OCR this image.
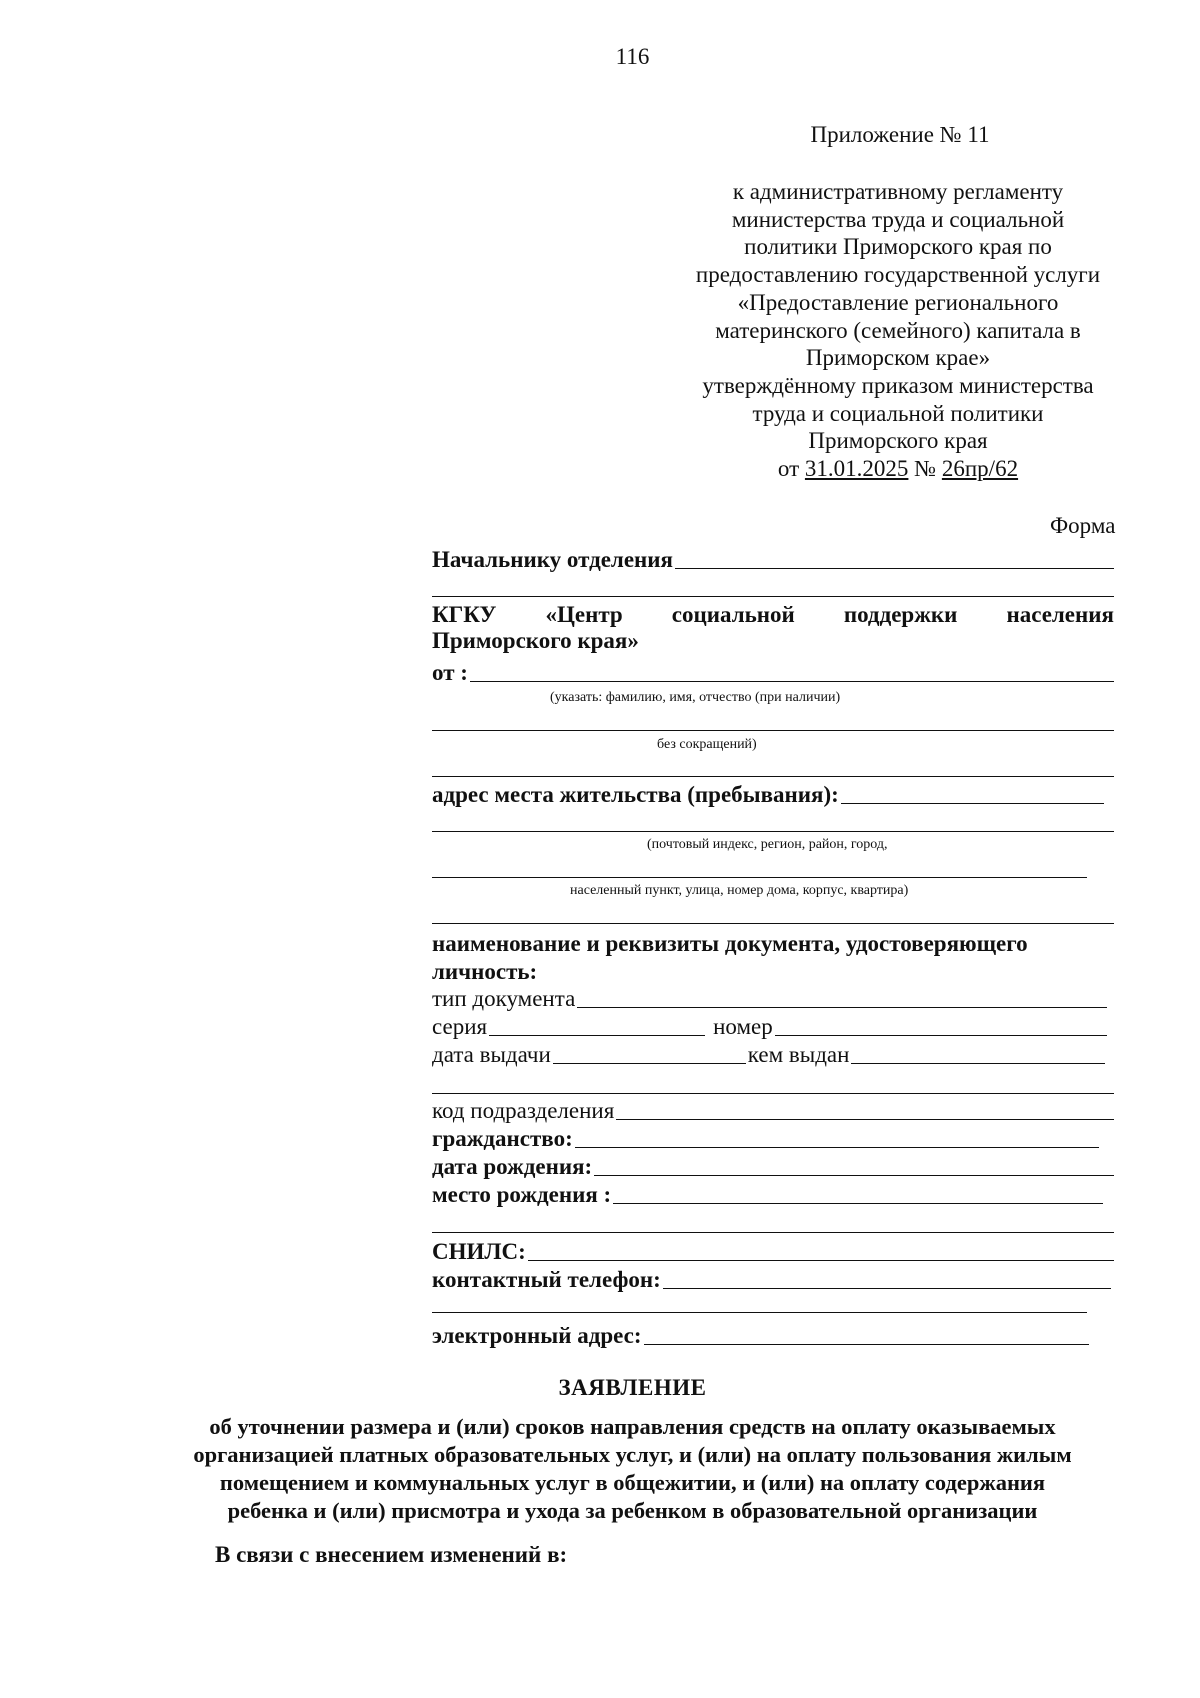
116
Приложение № 11
к административному регламенту
министерства труда и социальной
политики Приморского края по
предоставлению государственной услуги
«Предоставление регионального
материнского (семейного) капитала в
Приморском крае»
утверждённому приказом министерства
труда и социальной политики
Приморского края
от 31.01.2025 № 26пр/62
Форма
Начальнику отделения
КГКУ «Центр социальной поддержки населения
Приморского края»
от :
(указать: фамилию, имя, отчество (при наличии)
без сокращений)
адрес места жительства (пребывания):
(почтовый индекс, регион, район, город,
населенный пункт, улица, номер дома, корпус, квартира)
наименование и реквизиты документа, удостоверяющего
личность:
тип документа
серия	номер
дата выдачи	кем выдан
код подразделения
гражданство:
дата рождения:
место рождения :
СНИЛС:
контактный телефон:
электронный адрес:
ЗАЯВЛЕНИЕ
об уточнении размера и (или) сроков направления средств на оплату оказываемых
организацией платных образовательных услуг, и (или) на оплату пользования жилым
помещением и коммунальных услуг в общежитии, и (или) на оплату содержания
ребенка и (или) присмотра и ухода за ребенком в образовательной организации
В связи с внесением изменений в:
